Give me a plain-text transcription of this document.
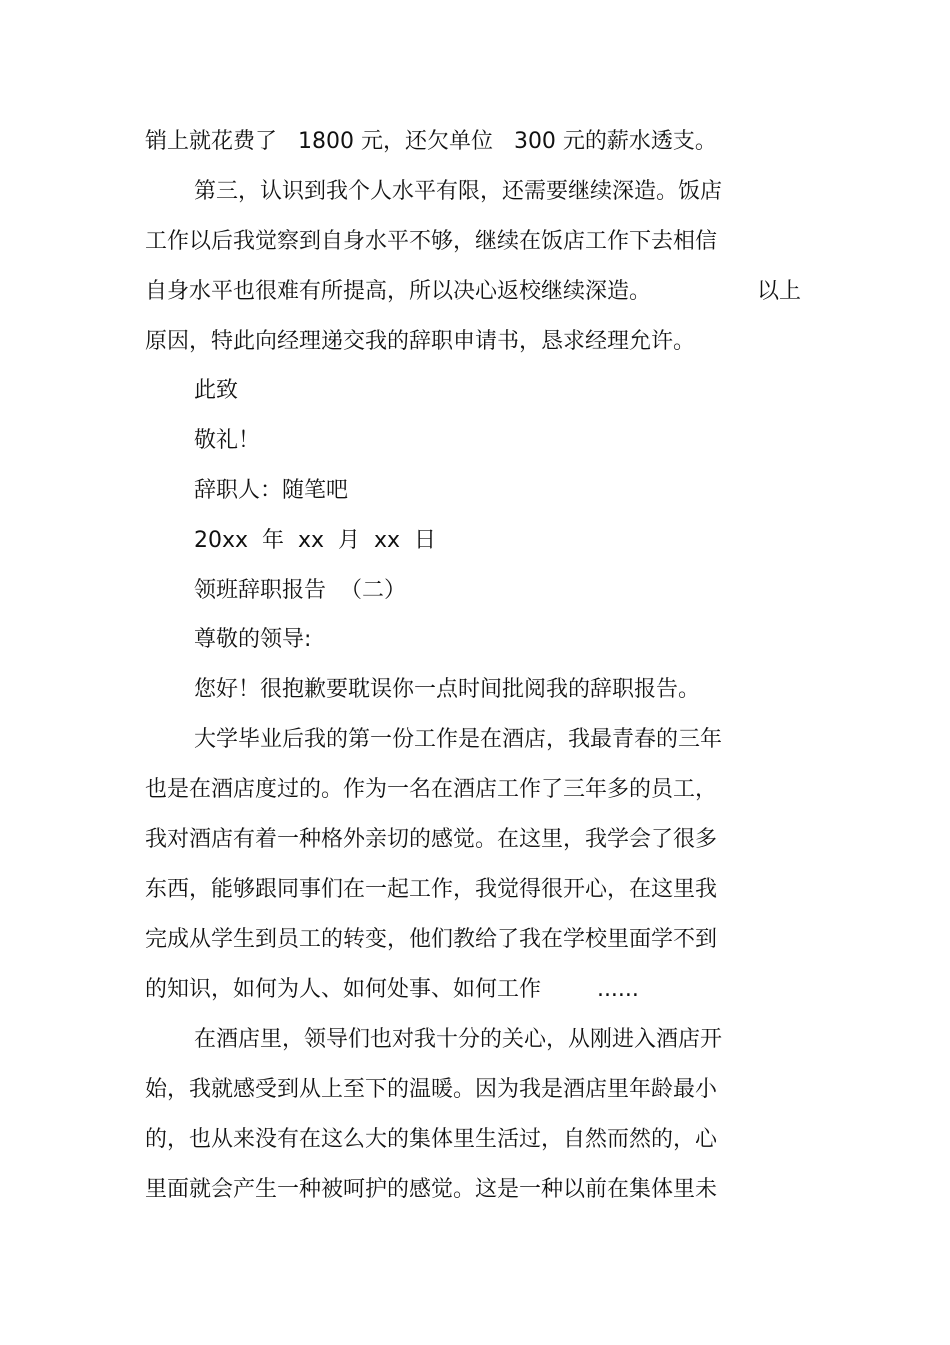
销上就花费了   1800 元，还欠单位   300 元的薪水透支。
第三，认识到我个人水平有限，还需要继续深造。饭店
工作以后我觉察到自身水平不够，继续在饭店工作下去相信
自身水平也很难有所提高，所以决心返校继续深造。	以上
原因，特此向经理递交我的辞职申请书，恳求经理允许。
此致
敬礼！
辞职人：随笔吧
20xx  年  xx  月  xx  日
领班辞职报告  （二）
尊敬的领导:
您好！很抱歉要耽误你一点时间批阅我的辞职报告。
大学毕业后我的第一份工作是在酒店，我最青春的三年
也是在酒店度过的。作为一名在酒店工作了三年多的员工，
我对酒店有着一种格外亲切的感觉。在这里，我学会了很多
东西，能够跟同事们在一起工作，我觉得很开心，在这里我
完成从学生到员工的转变，他们教给了我在学校里面学不到
的知识，如何为人、如何处事、如何工作        ......
在酒店里，领导们也对我十分的关心，从刚进入酒店开
始，我就感受到从上至下的温暖。因为我是酒店里年龄最小
的，也从来没有在这么大的集体里生活过，自然而然的，心
里面就会产生一种被呵护的感觉。这是一种以前在集体里未
